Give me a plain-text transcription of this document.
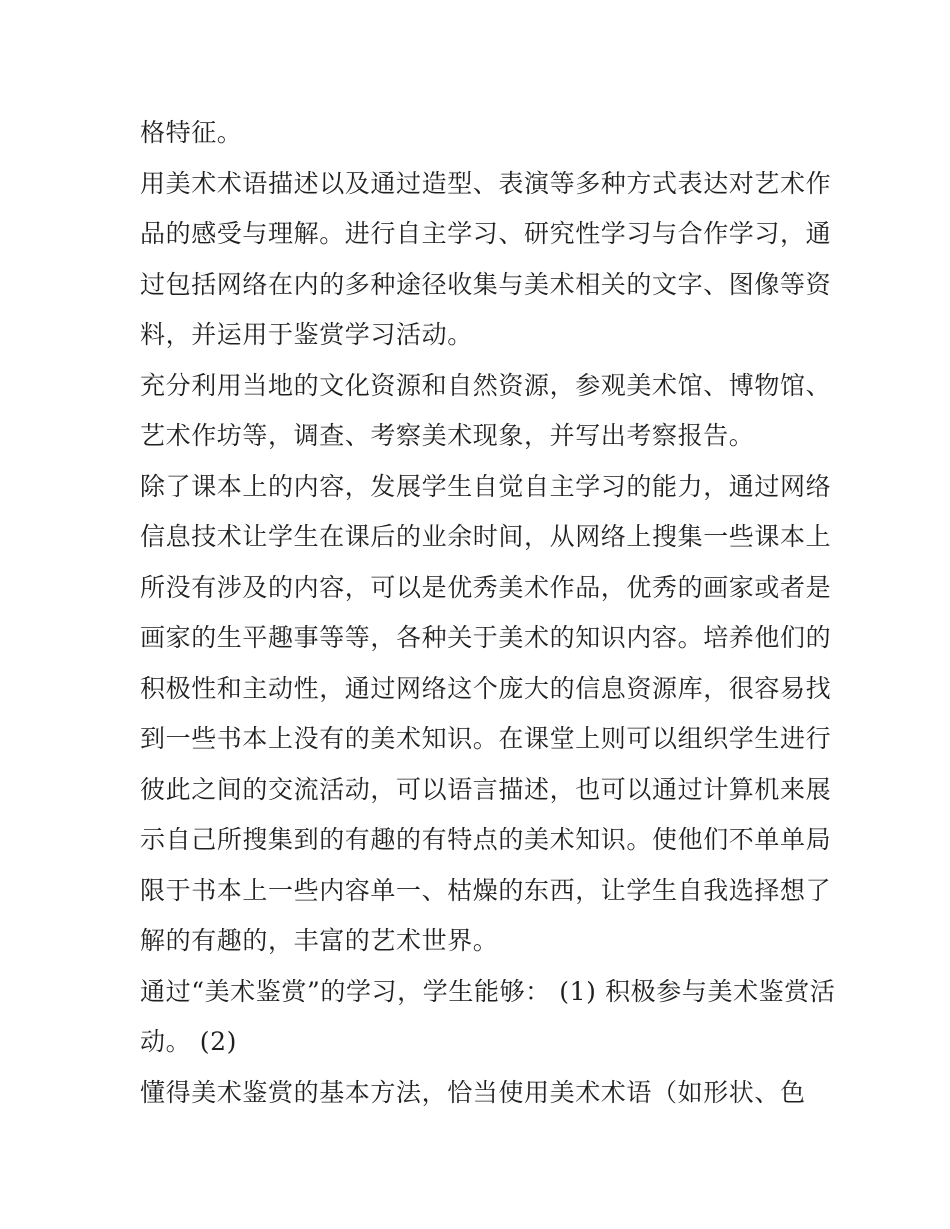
格特征。
用美术术语描述以及通过造型、表演等多种方式表达对艺术作
品的感受与理解。进行自主学习、研究性学习与合作学习，通
过包括网络在内的多种途径收集与美术相关的文字、图像等资
料，并运用于鉴赏学习活动。
充分利用当地的文化资源和自然资源，参观美术馆、博物馆、
艺术作坊等，调查、考察美术现象，并写出考察报告。
除了课本上的内容，发展学生自觉自主学习的能力，通过网络
信息技术让学生在课后的业余时间，从网络上搜集一些课本上
所没有涉及的内容，可以是优秀美术作品，优秀的画家或者是
画家的生平趣事等等，各种关于美术的知识内容。培养他们的
积极性和主动性，通过网络这个庞大的信息资源库，很容易找
到一些书本上没有的美术知识。在课堂上则可以组织学生进行
彼此之间的交流活动，可以语言描述，也可以通过计算机来展
示自己所搜集到的有趣的有特点的美术知识。使他们不单单局
限于书本上一些内容单一、枯燥的东西，让学生自我选择想了
解的有趣的，丰富的艺术世界。
通过“美术鉴赏”的学习，学生能够： (1) 积极参与美术鉴赏活
动。 (2)
懂得美术鉴赏的基本方法，恰当使用美术术语（如形状、色
